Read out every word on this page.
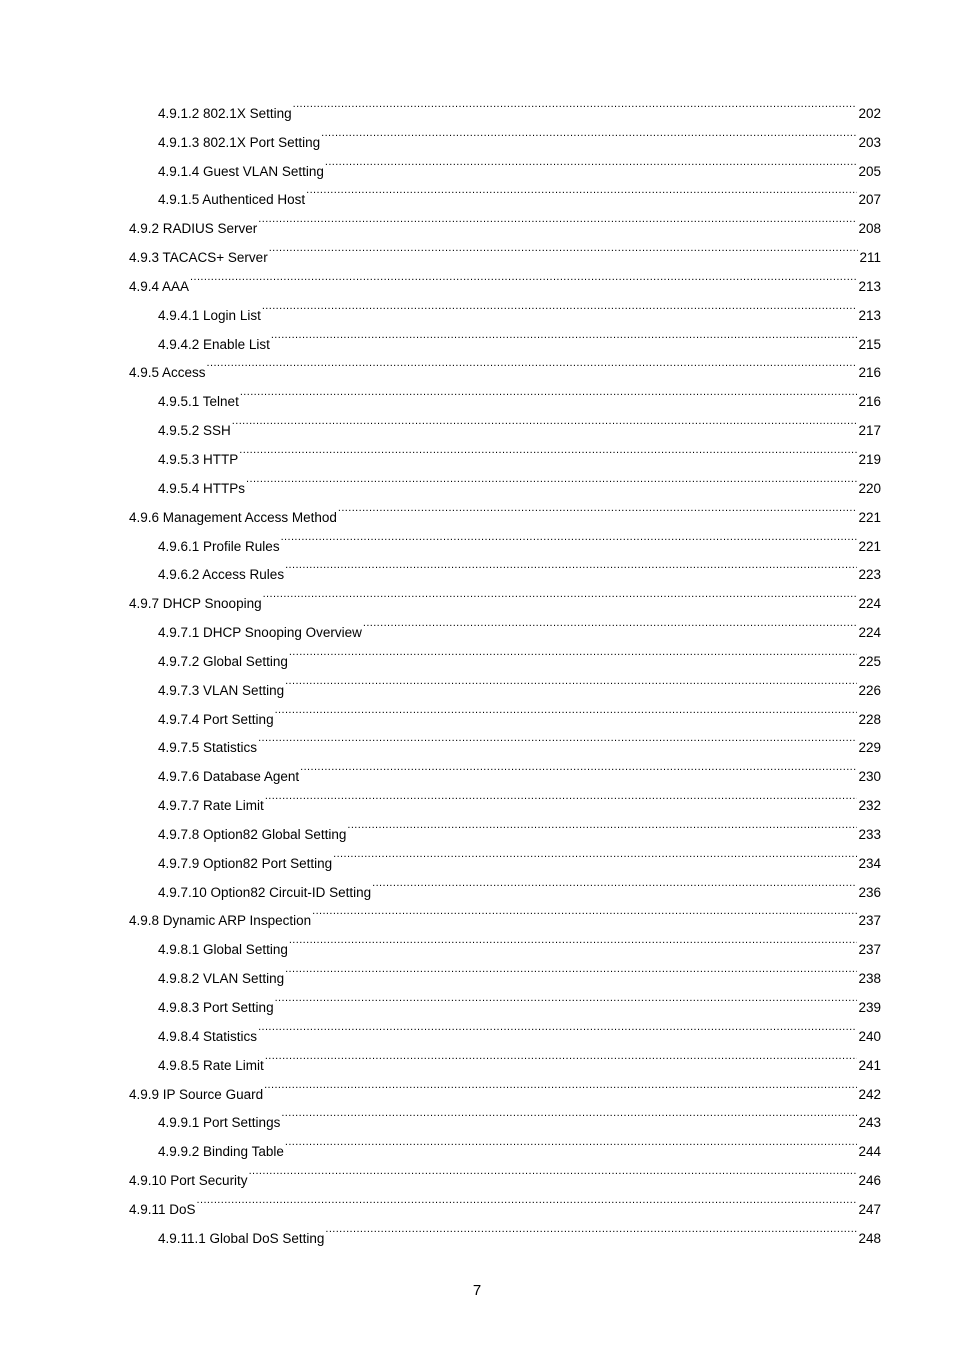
4.9.1.2 802.1X Setting .....	202
4.9.1.3 802.1X Port Setting .....	203
4.9.1.4 Guest VLAN Setting .....	205
4.9.1.5 Authenticed Host .....	207
4.9.2 RADIUS Server .....	208
4.9.3 TACACS+ Server .....	211
4.9.4 AAA .....	213
4.9.4.1 Login List .....	213
4.9.4.2 Enable List .....	215
4.9.5 Access .....	216
4.9.5.1 Telnet .....	216
4.9.5.2 SSH .....	217
4.9.5.3 HTTP .....	219
4.9.5.4 HTTPs .....	220
4.9.6 Management Access Method .....	221
4.9.6.1 Profile Rules .....	221
4.9.6.2 Access Rules .....	223
4.9.7 DHCP Snooping .....	224
4.9.7.1 DHCP Snooping Overview .....	224
4.9.7.2 Global Setting .....	225
4.9.7.3 VLAN Setting .....	226
4.9.7.4 Port Setting .....	228
4.9.7.5 Statistics .....	229
4.9.7.6 Database Agent .....	230
4.9.7.7 Rate Limit .....	232
4.9.7.8 Option82 Global Setting .....	233
4.9.7.9 Option82 Port Setting .....	234
4.9.7.10 Option82 Circuit-ID Setting .....	236
4.9.8 Dynamic ARP Inspection .....	237
4.9.8.1 Global Setting .....	237
4.9.8.2 VLAN Setting .....	238
4.9.8.3 Port Setting .....	239
4.9.8.4 Statistics .....	240
4.9.8.5 Rate Limit .....	241
4.9.9 IP Source Guard .....	242
4.9.9.1 Port Settings .....	243
4.9.9.2 Binding Table .....	244
4.9.10 Port Security .....	246
4.9.11 DoS .....	247
4.9.11.1 Global DoS Setting .....	248
7
